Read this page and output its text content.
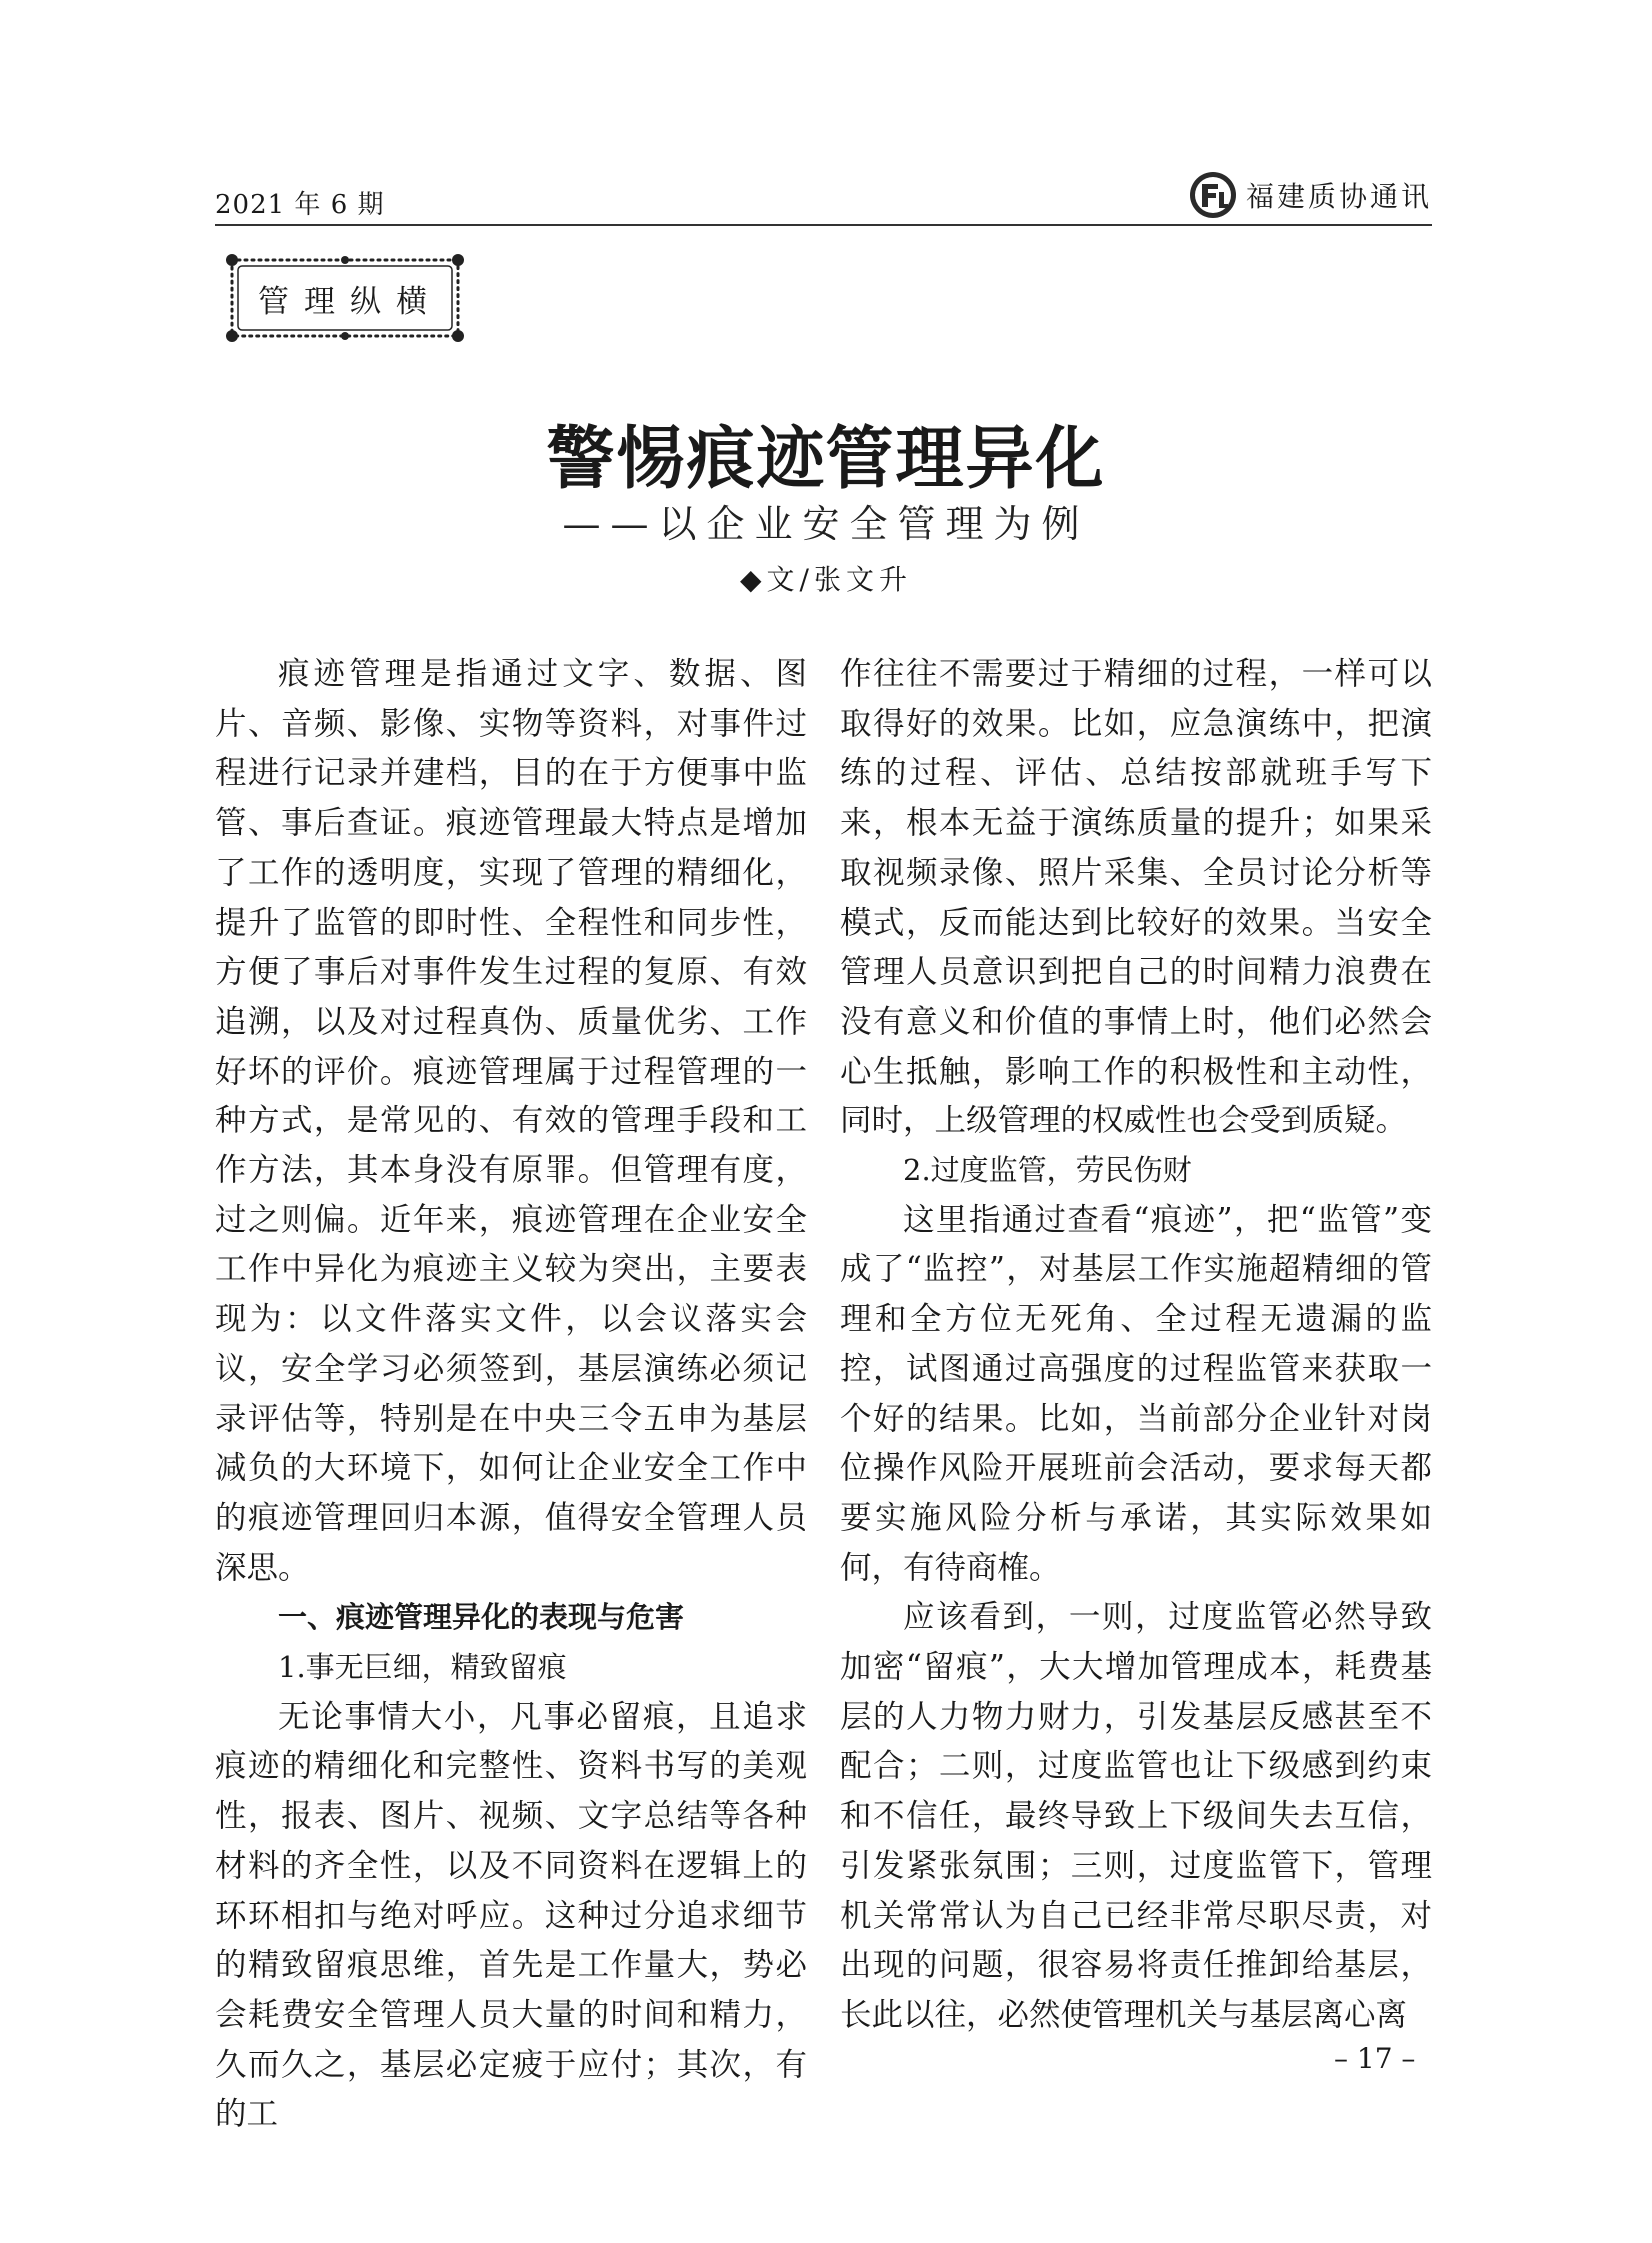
2021 年 6 期	福建质协通讯
管理纵横
警惕痕迹管理异化
——以企业安全管理为例
◆文/张文升
痕迹管理是指通过文字、数据、图片、音频、影像、实物等资料，对事件过程进行记录并建档，目的在于方便事中监管、事后查证。痕迹管理最大特点是增加了工作的透明度，实现了管理的精细化，提升了监管的即时性、全程性和同步性，方便了事后对事件发生过程的复原、有效追溯，以及对过程真伪、质量优劣、工作好坏的评价。痕迹管理属于过程管理的一种方式，是常见的、有效的管理手段和工作方法，其本身没有原罪。但管理有度，过之则偏。近年来，痕迹管理在企业安全工作中异化为痕迹主义较为突出，主要表现为：以文件落实文件，以会议落实会议，安全学习必须签到，基层演练必须记录评估等，特别是在中央三令五申为基层减负的大环境下，如何让企业安全工作中的痕迹管理回归本源，值得安全管理人员深思。
一、痕迹管理异化的表现与危害
1.事无巨细，精致留痕
无论事情大小，凡事必留痕，且追求痕迹的精细化和完整性、资料书写的美观性，报表、图片、视频、文字总结等各种材料的齐全性，以及不同资料在逻辑上的环环相扣与绝对呼应。这种过分追求细节的精致留痕思维，首先是工作量大，势必会耗费安全管理人员大量的时间和精力，久而久之，基层必定疲于应付；其次，有的工
作往往不需要过于精细的过程，一样可以取得好的效果。比如，应急演练中，把演练的过程、评估、总结按部就班手写下来，根本无益于演练质量的提升；如果采取视频录像、照片采集、全员讨论分析等模式，反而能达到比较好的效果。当安全管理人员意识到把自己的时间精力浪费在没有意义和价值的事情上时，他们必然会心生抵触，影响工作的积极性和主动性，同时，上级管理的权威性也会受到质疑。
2.过度监管，劳民伤财
这里指通过查看“痕迹”，把“监管”变成了“监控”，对基层工作实施超精细的管理和全方位无死角、全过程无遗漏的监控，试图通过高强度的过程监管来获取一个好的结果。比如，当前部分企业针对岗位操作风险开展班前会活动，要求每天都要实施风险分析与承诺，其实际效果如何，有待商榷。
应该看到，一则，过度监管必然导致加密“留痕”，大大增加管理成本，耗费基层的人力物力财力，引发基层反感甚至不配合；二则，过度监管也让下级感到约束和不信任，最终导致上下级间失去互信，引发紧张氛围；三则，过度监管下，管理机关常常认为自己已经非常尽职尽责，对出现的问题，很容易将责任推卸给基层，长此以往，必然使管理机关与基层离心离
– 17 –
